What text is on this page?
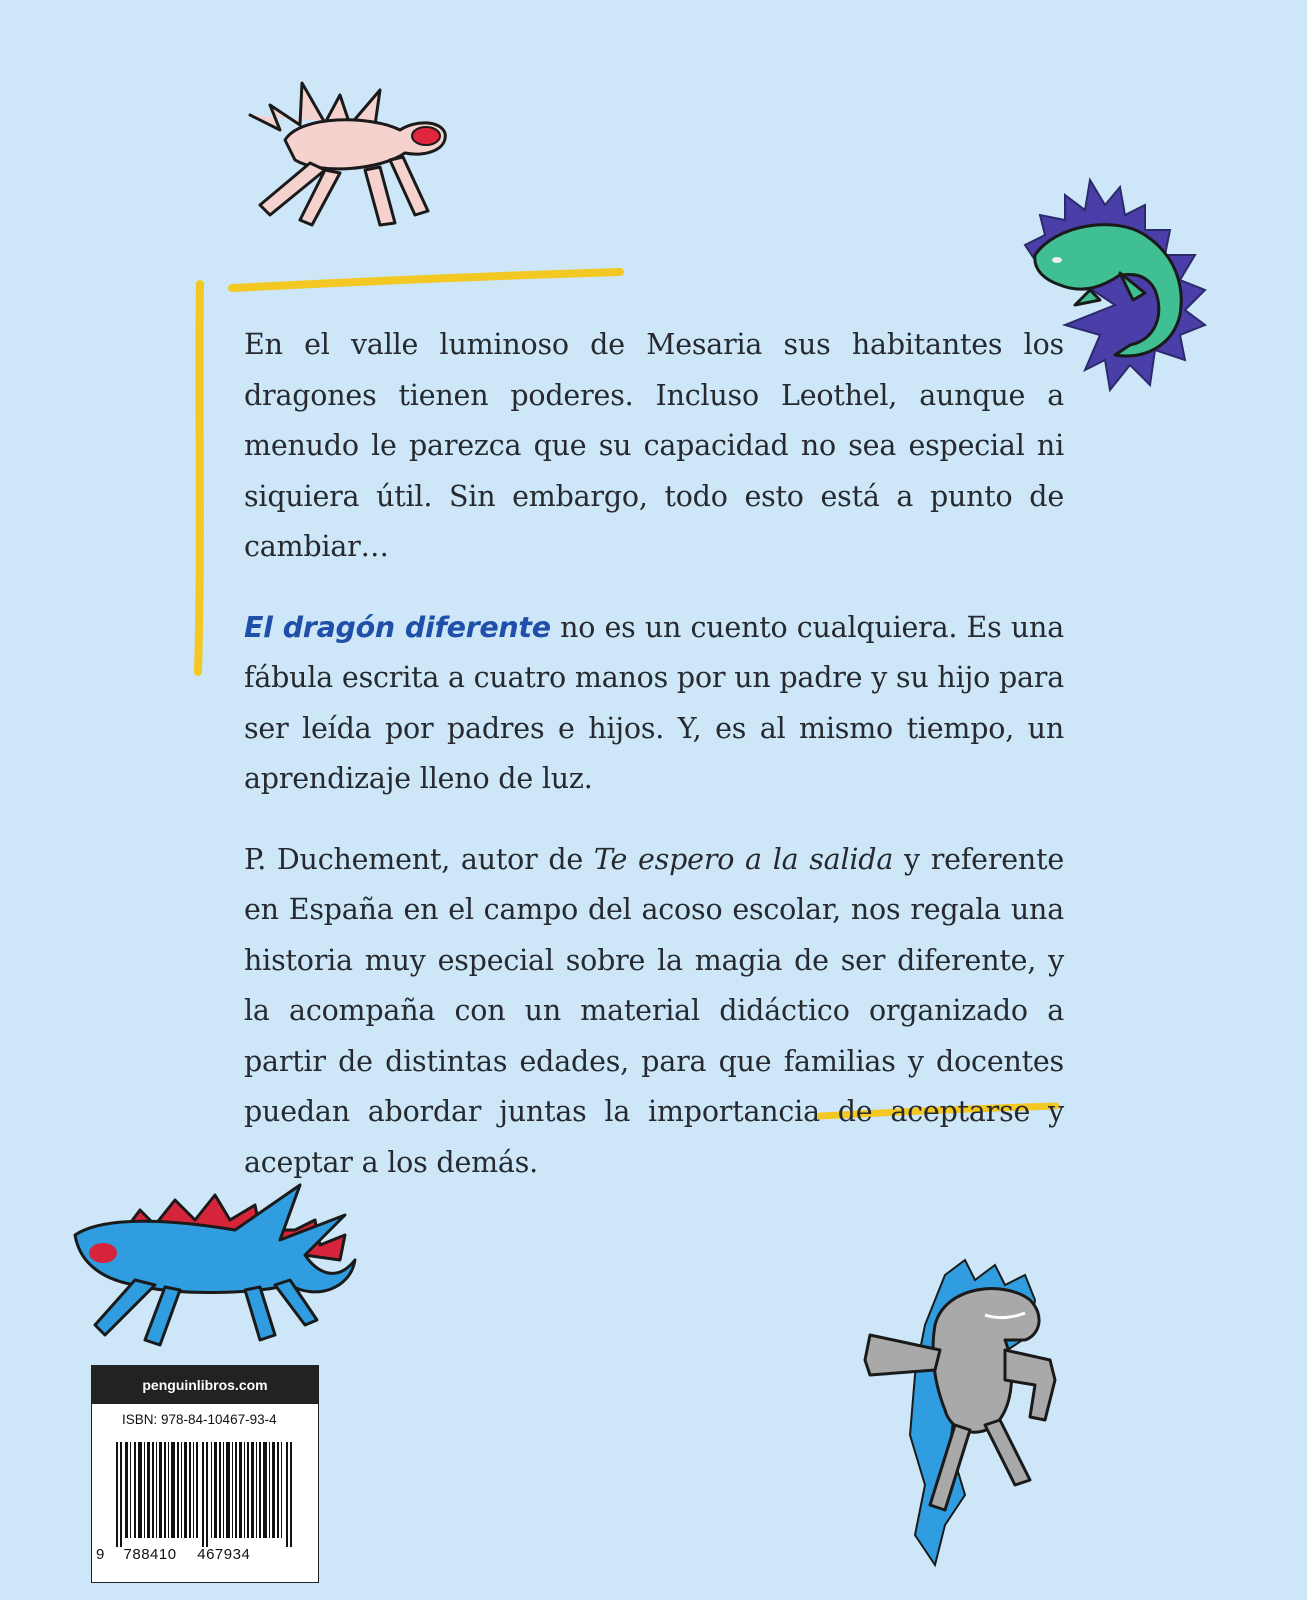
En el valle luminoso de Mesaria sus habitantes los dragones tienen poderes. Incluso Leothel, aunque a menudo le parezca que su capacidad no sea especial ni siquiera útil. Sin embargo, todo esto está a punto de cambiar…

El dragón diferente no es un cuento cualquiera. Es una fábula escrita a cuatro manos por un padre y su hijo para ser leída por padres e hijos. Y, es al mismo tiempo, un aprendizaje lleno de luz.

P. Duchement, autor de Te espero a la salida y referente en España en el campo del acoso escolar, nos regala una historia muy especial sobre la magia de ser diferente, y la acompaña con un material didáctico organizado a partir de distintas edades, para que familias y docentes puedan abordar juntas la importancia de aceptarse y aceptar a los demás.

penguinlibros.com
ISBN: 978-84-10467-93-4
9 788410 467934
